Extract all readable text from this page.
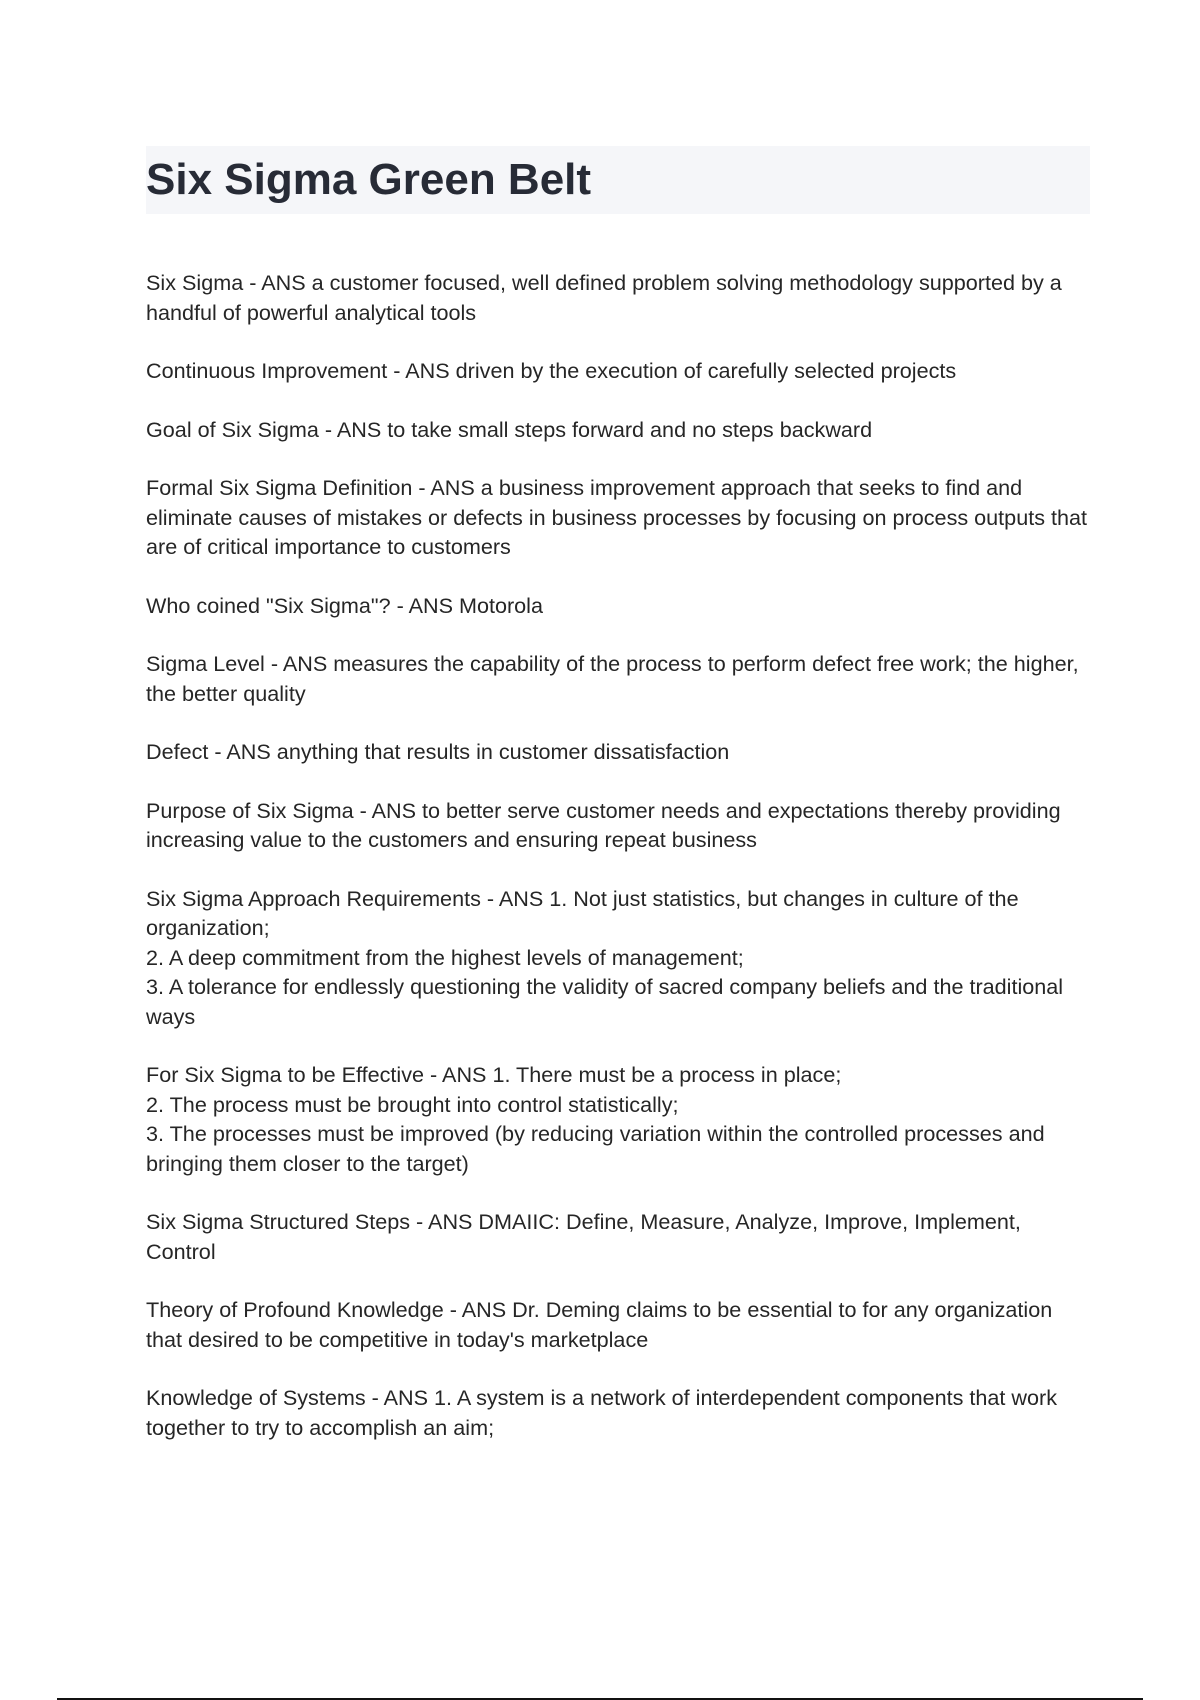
Six Sigma Green Belt

Six Sigma - ANS a customer focused, well defined problem solving methodology supported by a handful of powerful analytical tools

Continuous Improvement - ANS driven by the execution of carefully selected projects

Goal of Six Sigma - ANS to take small steps forward and no steps backward

Formal Six Sigma Definition - ANS a business improvement approach that seeks to find and eliminate causes of mistakes or defects in business processes by focusing on process outputs that are of critical importance to customers

Who coined "Six Sigma"? - ANS Motorola

Sigma Level - ANS measures the capability of the process to perform defect free work; the higher, the better quality

Defect - ANS anything that results in customer dissatisfaction

Purpose of Six Sigma - ANS to better serve customer needs and expectations thereby providing increasing value to the customers and ensuring repeat business

Six Sigma Approach Requirements - ANS 1. Not just statistics, but changes in culture of the organization;
2. A deep commitment from the highest levels of management;
3. A tolerance for endlessly questioning the validity of sacred company beliefs and the traditional ways

For Six Sigma to be Effective - ANS 1. There must be a process in place;
2. The process must be brought into control statistically;
3. The processes must be improved (by reducing variation within the controlled processes and bringing them closer to the target)

Six Sigma Structured Steps - ANS DMAIIC: Define, Measure, Analyze, Improve, Implement, Control

Theory of Profound Knowledge - ANS Dr. Deming claims to be essential to for any organization that desired to be competitive in today's marketplace

Knowledge of Systems - ANS 1. A system is a network of interdependent components that work together to try to accomplish an aim;
